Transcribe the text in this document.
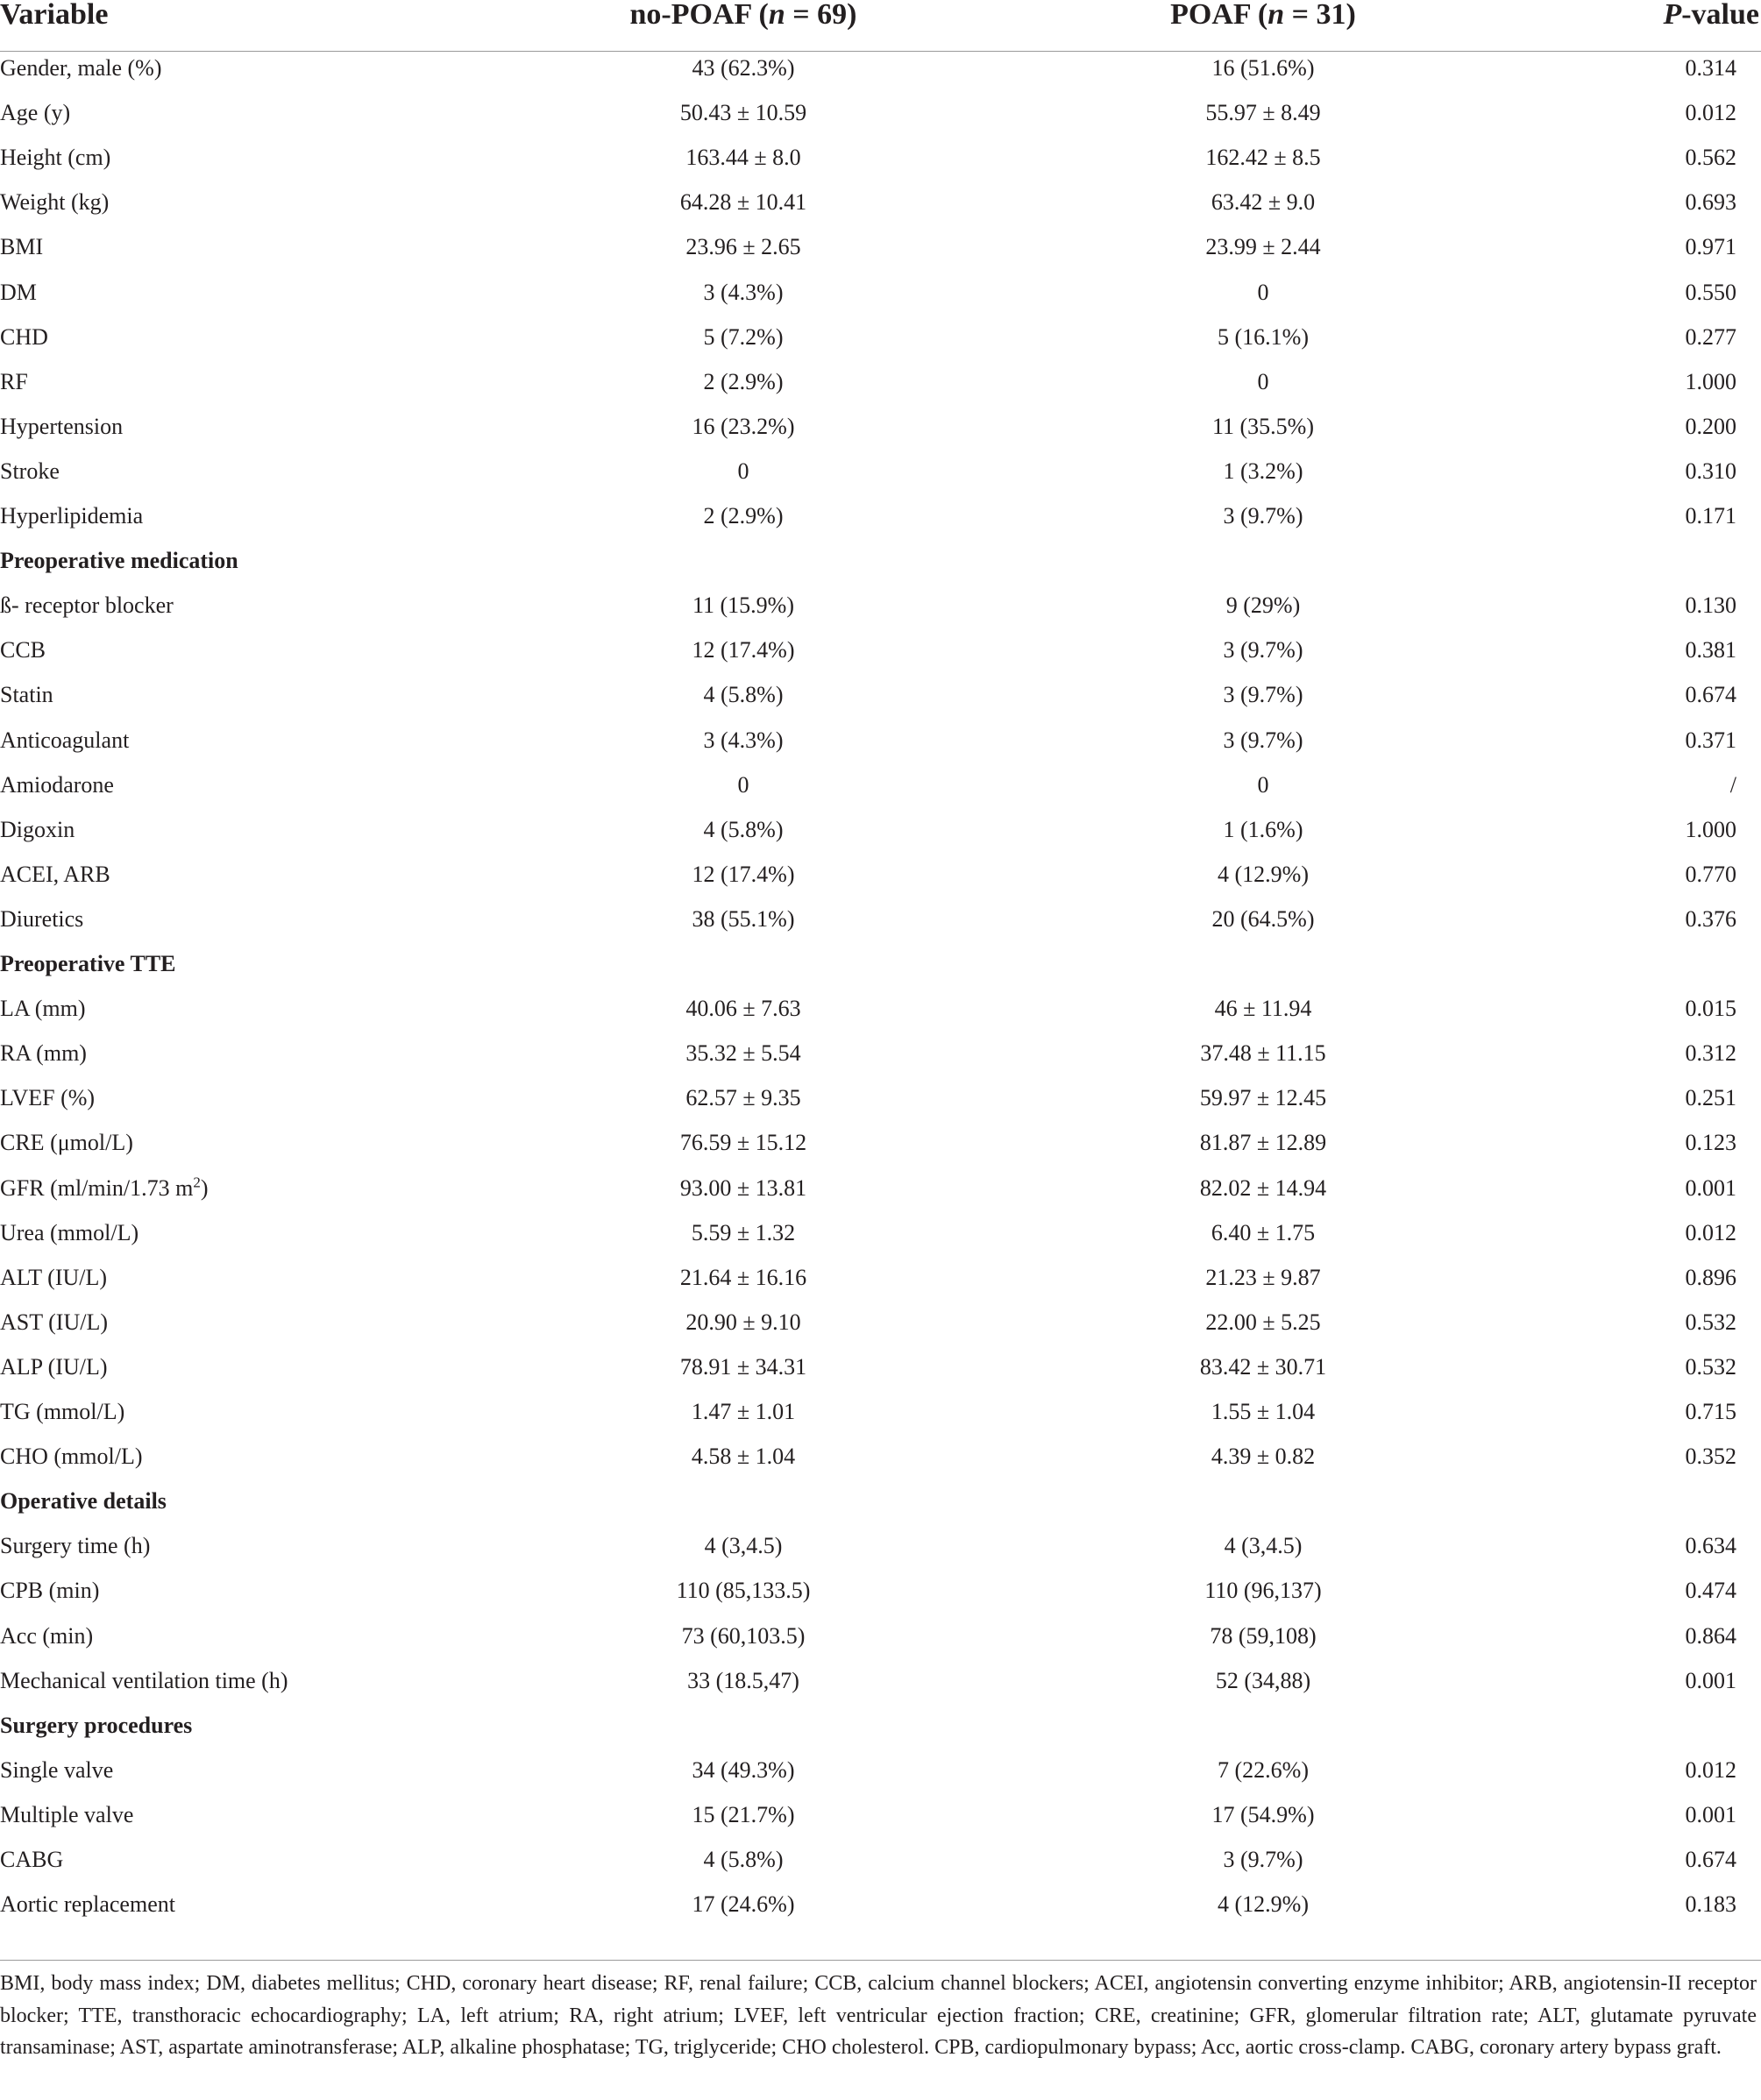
Variable	no-POAF (n = 69)	POAF (n = 31)	P-value
Gender, male (%)	43 (62.3%)	16 (51.6%)	0.314
Age (y)	50.43 ± 10.59	55.97 ± 8.49	0.012
Height (cm)	163.44 ± 8.0	162.42 ± 8.5	0.562
Weight (kg)	64.28 ± 10.41	63.42 ± 9.0	0.693
BMI	23.96 ± 2.65	23.99 ± 2.44	0.971
DM	3 (4.3%)	0	0.550
CHD	5 (7.2%)	5 (16.1%)	0.277
RF	2 (2.9%)	0	1.000
Hypertension	16 (23.2%)	11 (35.5%)	0.200
Stroke	0	1 (3.2%)	0.310
Hyperlipidemia	2 (2.9%)	3 (9.7%)	0.171
Preoperative medication
ß- receptor blocker	11 (15.9%)	9 (29%)	0.130
CCB	12 (17.4%)	3 (9.7%)	0.381
Statin	4 (5.8%)	3 (9.7%)	0.674
Anticoagulant	3 (4.3%)	3 (9.7%)	0.371
Amiodarone	0	0	/
Digoxin	4 (5.8%)	1 (1.6%)	1.000
ACEI, ARB	12 (17.4%)	4 (12.9%)	0.770
Diuretics	38 (55.1%)	20 (64.5%)	0.376
Preoperative TTE
LA (mm)	40.06 ± 7.63	46 ± 11.94	0.015
RA (mm)	35.32 ± 5.54	37.48 ± 11.15	0.312
LVEF (%)	62.57 ± 9.35	59.97 ± 12.45	0.251
CRE (μmol/L)	76.59 ± 15.12	81.87 ± 12.89	0.123
GFR (ml/min/1.73 $m^2$)	93.00 ± 13.81	82.02 ± 14.94	0.001
Urea (mmol/L)	5.59 ± 1.32	6.40 ± 1.75	0.012
ALT (IU/L)	21.64 ± 16.16	21.23 ± 9.87	0.896
AST (IU/L)	20.90 ± 9.10	22.00 ± 5.25	0.532
ALP (IU/L)	78.91 ± 34.31	83.42 ± 30.71	0.532
TG (mmol/L)	1.47 ± 1.01	1.55 ± 1.04	0.715
CHO (mmol/L)	4.58 ± 1.04	4.39 ± 0.82	0.352
Operative details
Surgery time (h)	4 (3,4.5)	4 (3,4.5)	0.634
CPB (min)	110 (85,133.5)	110 (96,137)	0.474
Acc (min)	73 (60,103.5)	78 (59,108)	0.864
Mechanical ventilation time (h)	33 (18.5,47)	52 (34,88)	0.001
Surgery procedures
Single valve	34 (49.3%)	7 (22.6%)	0.012
Multiple valve	15 (21.7%)	17 (54.9%)	0.001
CABG	4 (5.8%)	3 (9.7%)	0.674
Aortic replacement	17 (24.6%)	4 (12.9%)	0.183
BMI, body mass index; DM, diabetes mellitus; CHD, coronary heart disease; RF, renal failure; CCB, calcium channel blockers; ACEI, angiotensin converting enzyme inhibitor; ARB, angiotensin-II receptor blocker; TTE, transthoracic echocardiography; LA, left atrium; RA, right atrium; LVEF, left ventricular ejection fraction; CRE, creatinine; GFR, glomerular filtration rate; ALT, glutamate pyruvate transaminase; AST, aspartate aminotransferase; ALP, alkaline phosphatase; TG, triglyceride; CHO cholesterol. CPB, cardiopulmonary bypass; Acc, aortic cross-clamp. CABG, coronary artery bypass graft.
